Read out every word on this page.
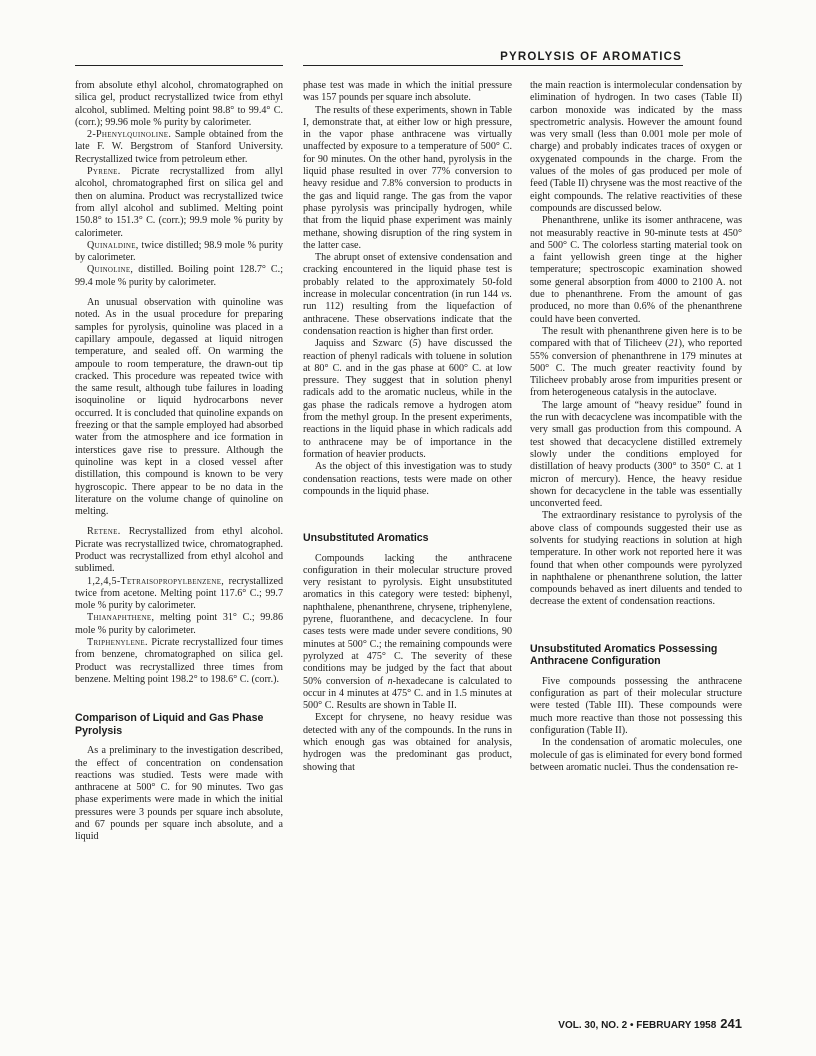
PYROLYSIS OF AROMATICS

from absolute ethyl alcohol, chromatographed on silica gel, product recrystallized twice from ethyl alcohol, sublimed. Melting point 98.8° to 99.4° C. (corr.); 99.96 mole % purity by calorimeter.

2-Phenylquinoline. Sample obtained from the late F. W. Bergstrom of Stanford University. Recrystallized twice from petroleum ether.

Pyrene. Picrate recrystallized from allyl alcohol, chromatographed first on silica gel and then on alumina. Product was recrystallized twice from allyl alcohol and sublimed. Melting point 150.8° to 151.3° C. (corr.); 99.9 mole % purity by calorimeter.

Quinaldine, twice distilled; 98.9 mole % purity by calorimeter.

Quinoline, distilled. Boiling point 128.7° C.; 99.4 mole % purity by calorimeter.

An unusual observation with quinoline was noted. As in the usual procedure for preparing samples for pyrolysis, quinoline was placed in a capillary ampoule, degassed at liquid nitrogen temperature, and sealed off. On warming the ampoule to room temperature, the drawn-out tip cracked. This procedure was repeated twice with the same result, although tube failures in loading isoquinoline or liquid hydrocarbons never occurred. It is concluded that quinoline expands on freezing or that the sample employed had absorbed water from the atmosphere and ice formation in interstices gave rise to pressure. Although the quinoline was kept in a closed vessel after distillation, this compound is known to be very hygroscopic. There appear to be no data in the literature on the volume change of quinoline on melting.

Retene. Recrystallized from ethyl alcohol. Picrate was recrystallized twice, chromatographed. Product was recrystallized from ethyl alcohol and sublimed.

1,2,4,5-Tetraisopropylbenzene, recrystallized twice from acetone. Melting point 117.6° C.; 99.7 mole % purity by calorimeter.

Thianaphthene, melting point 31° C.; 99.86 mole % purity by calorimeter.

Triphenylene. Picrate recrystallized four times from benzene, chromatographed on silica gel. Product was recrystallized three times from benzene. Melting point 198.2° to 198.6° C. (corr.).

Comparison of Liquid and Gas Phase Pyrolysis

As a preliminary to the investigation described, the effect of concentration on condensation reactions was studied. Tests were made with anthracene at 500° C. for 90 minutes. Two gas phase experiments were made in which the initial pressures were 3 pounds per square inch absolute, and 67 pounds per square inch absolute, and a liquid

phase test was made in which the initial pressure was 157 pounds per square inch absolute.

The results of these experiments, shown in Table I, demonstrate that, at either low or high pressure, in the vapor phase anthracene was virtually unaffected by exposure to a temperature of 500° C. for 90 minutes. On the other hand, pyrolysis in the liquid phase resulted in over 77% conversion to heavy residue and 7.8% conversion to products in the gas and liquid range. The gas from the vapor phase pyrolysis was principally hydrogen, while that from the liquid phase experiment was mainly methane, showing disruption of the ring system in the latter case.

The abrupt onset of extensive condensation and cracking encountered in the liquid phase test is probably related to the approximately 50-fold increase in molecular concentration (in run 144 vs. run 112) resulting from the liquefaction of anthracene. These observations indicate that the condensation reaction is higher than first order.

Jaquiss and Szwarc (5) have discussed the reaction of phenyl radicals with toluene in solution at 80° C. and in the gas phase at 600° C. at low pressure. They suggest that in solution phenyl radicals add to the aromatic nucleus, while in the gas phase the radicals remove a hydrogen atom from the methyl group. In the present experiments, reactions in the liquid phase in which radicals add to anthracene may be of importance in the formation of heavier products.

As the object of this investigation was to study condensation reactions, tests were made on other compounds in the liquid phase.

Unsubstituted Aromatics

Compounds lacking the anthracene configuration in their molecular structure proved very resistant to pyrolysis. Eight unsubstituted aromatics in this category were tested: biphenyl, naphthalene, phenanthrene, chrysene, triphenylene, pyrene, fluoranthene, and decacyclene. In four cases tests were made under severe conditions, 90 minutes at 500° C.; the remaining compounds were pyrolyzed at 475° C. The severity of these conditions may be judged by the fact that about 50% conversion of n-hexadecane is calculated to occur in 4 minutes at 475° C. and in 1.5 minutes at 500° C. Results are shown in Table II.

Except for chrysene, no heavy residue was detected with any of the compounds. In the runs in which enough gas was obtained for analysis, hydrogen was the predominant gas product, showing that

the main reaction is intermolecular condensation by elimination of hydrogen. In two cases (Table II) carbon monoxide was indicated by the mass spectrometric analysis. However the amount found was very small (less than 0.001 mole per mole of charge) and probably indicates traces of oxygen or oxygenated compounds in the charge. From the values of the moles of gas produced per mole of feed (Table II) chrysene was the most reactive of the eight compounds. The relative reactivities of these compounds are discussed below.

Phenanthrene, unlike its isomer anthracene, was not measurably reactive in 90-minute tests at 450° and 500° C. The colorless starting material took on a faint yellowish green tinge at the higher temperature; spectroscopic examination showed some general absorption from 4000 to 2100 A. not due to phenanthrene. From the amount of gas produced, no more than 0.6% of the phenanthrene could have been converted.

The result with phenanthrene given here is to be compared with that of Tilicheev (21), who reported 55% conversion of phenanthrene in 179 minutes at 500° C. The much greater reactivity found by Tilicheev probably arose from impurities present or from heterogeneous catalysis in the autoclave.

The large amount of “heavy residue” found in the run with decacyclene was incompatible with the very small gas production from this compound. A test showed that decacyclene distilled extremely slowly under the conditions employed for distillation of heavy products (300° to 350° C. at 1 micron of mercury). Hence, the heavy residue shown for decacyclene in the table was essentially unconverted feed.

The extraordinary resistance to pyrolysis of the above class of compounds suggested their use as solvents for studying reactions in solution at high temperature. In other work not reported here it was found that when other compounds were pyrolyzed in naphthalene or phenanthrene solution, the latter compounds behaved as inert diluents and tended to decrease the extent of condensation reactions.

Unsubstituted Aromatics Possessing Anthracene Configuration

Five compounds possessing the anthracene configuration as part of their molecular structure were tested (Table III). These compounds were much more reactive than those not possessing this configuration (Table II).

In the condensation of aromatic molecules, one molecule of gas is eliminated for every bond formed between aromatic nuclei. Thus the condensation re-

VOL. 30, NO. 2 • FEBRUARY 1958 241
